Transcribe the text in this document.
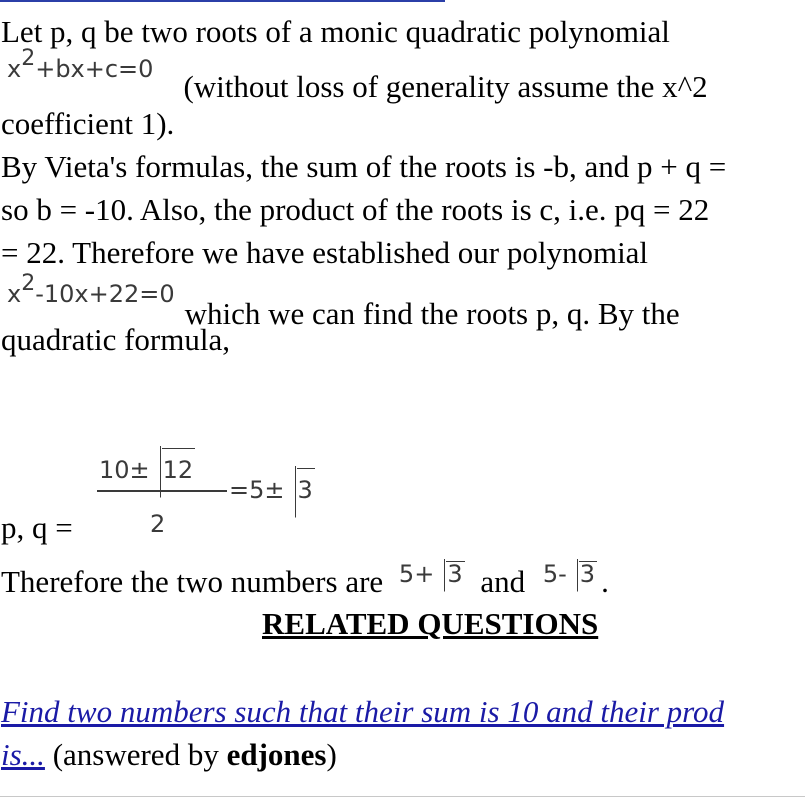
Let p, q be two roots of a monic quadratic polynomial
$x^2+bx+c=0$ (without loss of generality assume the x^2
coefficient 1).
By Vieta's formulas, the sum of the roots is -b, and p + q =
so b = -10. Also, the product of the roots is c, i.e. pq = 22
= 22. Therefore we have established our polynomial
$x^2-10x+22=0which$ we can find the roots p, q. By the
quadratic formula,
10± 12
2
=5± 3
p, q =
Therefore the two numbers are 5+ 3 and 5- 3 .
RELATED QUESTIONS
Find two numbers such that their sum is 10 and their prod
is... (answered by edjones)
